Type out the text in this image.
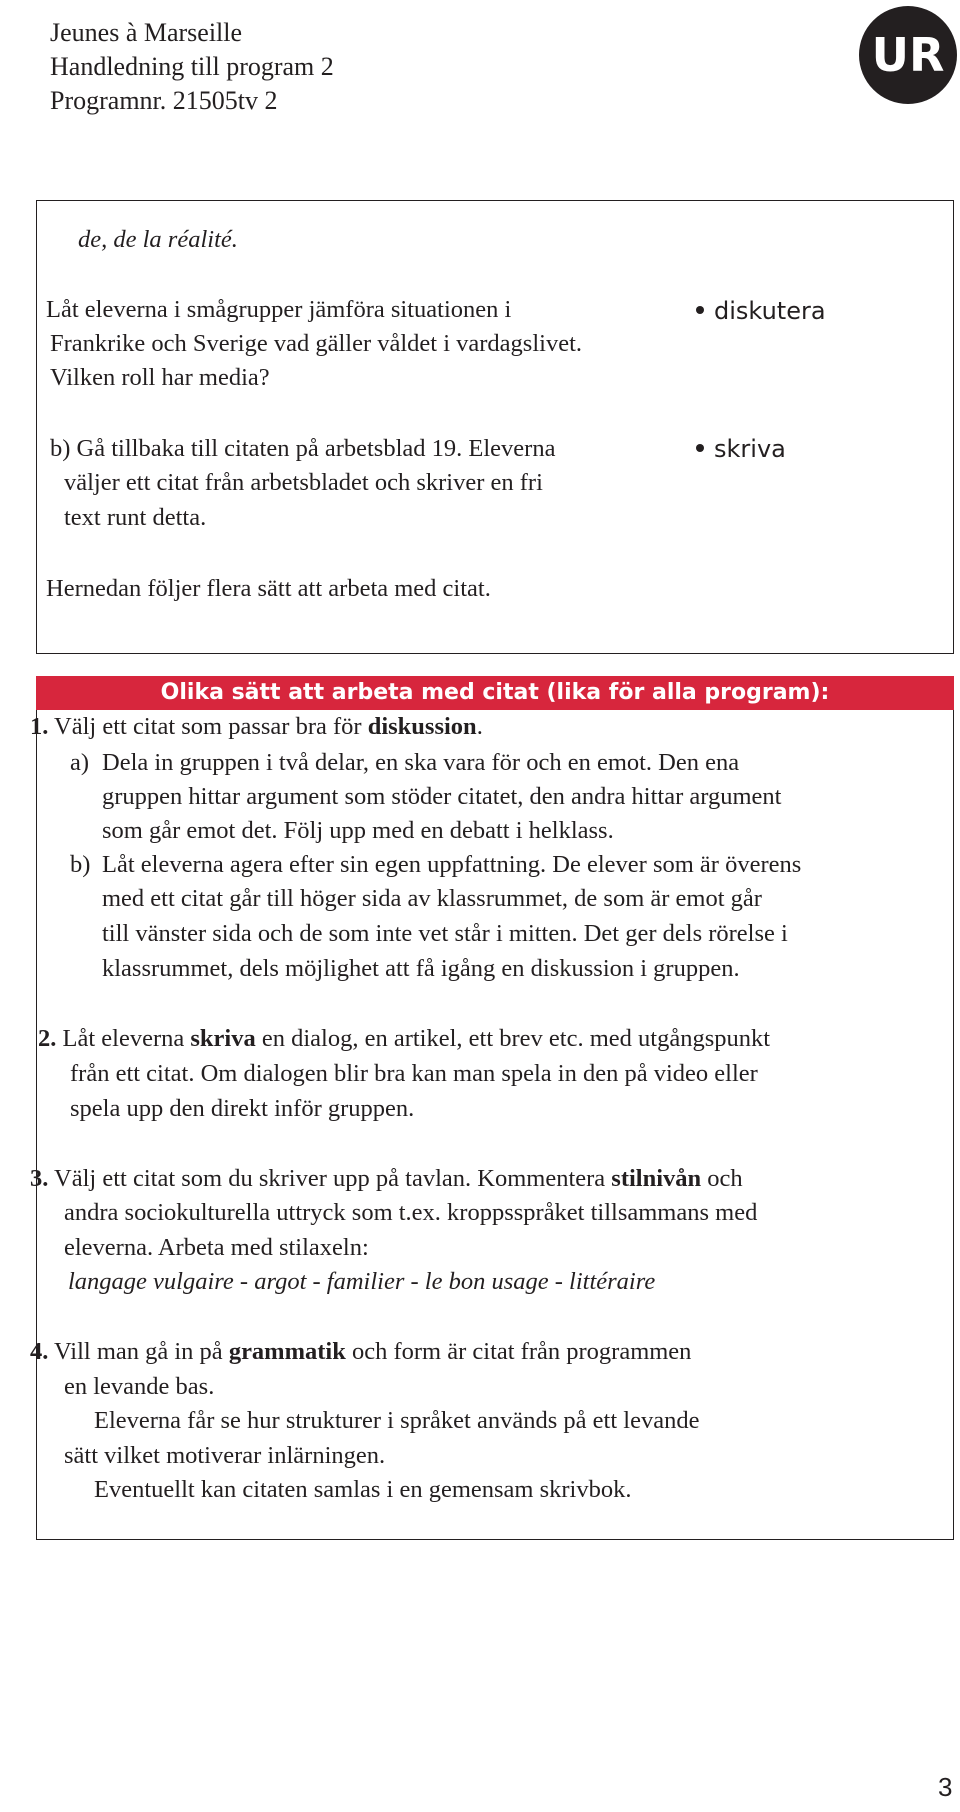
Jeunes à Marseille
Handledning till program 2
Programnr. 21505tv 2
UR
de, de la réalité.
Låt eleverna i smågrupper jämföra situationen i
Frankrike och Sverige vad gäller våldet i vardagslivet.
Vilken roll har media?
diskutera
b) Gå tillbaka till citaten på arbetsblad 19. Eleverna
väljer ett citat från arbetsbladet och skriver en fri
text runt detta.
skriva
Hernedan följer flera sätt att arbeta med citat.
Olika sätt att arbeta med citat (lika för alla program):
1. Välj ett citat som passar bra för diskussion.
a) Dela in gruppen i två delar, en ska vara för och en emot. Den ena
gruppen hittar argument som stöder citatet, den andra hittar argument
som går emot det. Följ upp med en debatt i helklass.
b) Låt eleverna agera efter sin egen uppfattning. De elever som är överens
med ett citat går till höger sida av klassrummet, de som är emot går
till vänster sida och de som inte vet står i mitten. Det ger dels rörelse i
klassrummet, dels möjlighet att få igång en diskussion i gruppen.
2. Låt eleverna skriva en dialog, en artikel, ett brev etc. med utgångspunkt
från ett citat. Om dialogen blir bra kan man spela in den på video eller
spela upp den direkt inför gruppen.
3. Välj ett citat som du skriver upp på tavlan. Kommentera stilnivån och
andra sociokulturella uttryck som t.ex. kroppsspråket tillsammans med
eleverna. Arbeta med stilaxeln:
langage vulgaire - argot - familier - le bon usage - littéraire
4. Vill man gå in på grammatik och form är citat från programmen
en levande bas.
Eleverna får se hur strukturer i språket används på ett levande
sätt vilket motiverar inlärningen.
Eventuellt kan citaten samlas i en gemensam skrivbok.
3
